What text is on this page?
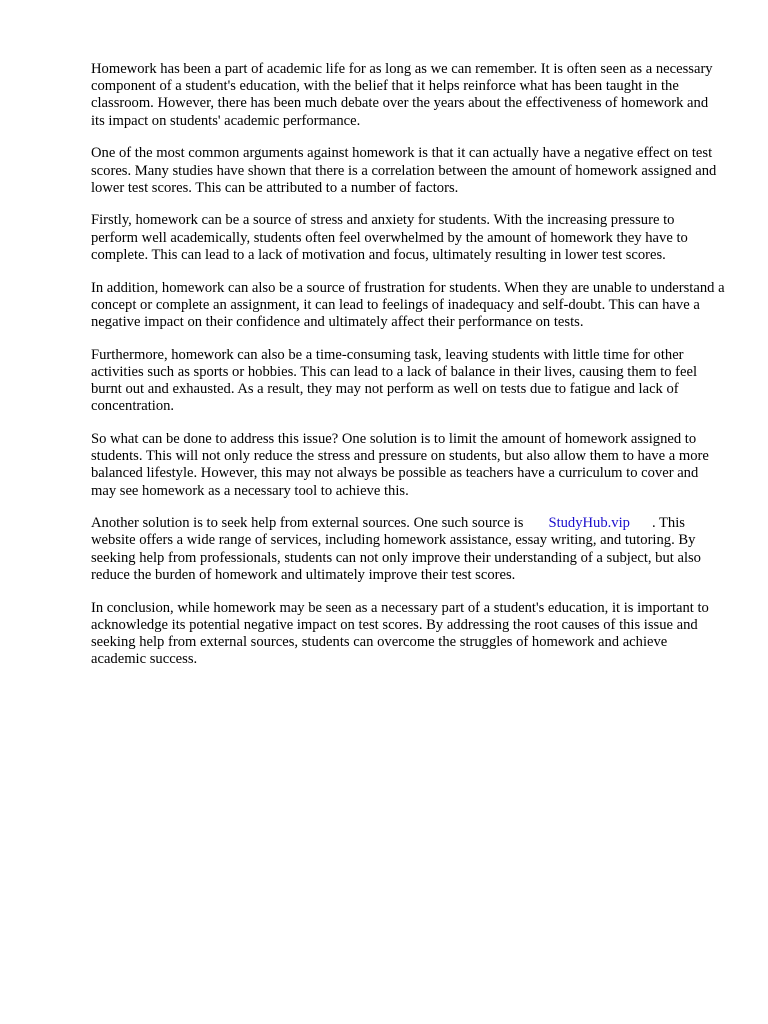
Homework has been a part of academic life for as long as we can remember. It is often seen as a necessary component of a student's education, with the belief that it helps reinforce what has been taught in the classroom. However, there has been much debate over the years about the effectiveness of homework and its impact on students' academic performance.

One of the most common arguments against homework is that it can actually have a negative effect on test scores. Many studies have shown that there is a correlation between the amount of homework assigned and lower test scores. This can be attributed to a number of factors.

Firstly, homework can be a source of stress and anxiety for students. With the increasing pressure to perform well academically, students often feel overwhelmed by the amount of homework they have to complete. This can lead to a lack of motivation and focus, ultimately resulting in lower test scores.

In addition, homework can also be a source of frustration for students. When they are unable to understand a concept or complete an assignment, it can lead to feelings of inadequacy and self-doubt. This can have a negative impact on their confidence and ultimately affect their performance on tests.

Furthermore, homework can also be a time-consuming task, leaving students with little time for other activities such as sports or hobbies. This can lead to a lack of balance in their lives, causing them to feel burnt out and exhausted. As a result, they may not perform as well on tests due to fatigue and lack of concentration.

So what can be done to address this issue? One solution is to limit the amount of homework assigned to students. This will not only reduce the stress and pressure on students, but also allow them to have a more balanced lifestyle. However, this may not always be possible as teachers have a curriculum to cover and may see homework as a necessary tool to achieve this.

Another solution is to seek help from external sources. One such source is StudyHub.vip . This website offers a wide range of services, including homework assistance, essay writing, and tutoring. By seeking help from professionals, students can not only improve their understanding of a subject, but also reduce the burden of homework and ultimately improve their test scores.

In conclusion, while homework may be seen as a necessary part of a student's education, it is important to acknowledge its potential negative impact on test scores. By addressing the root causes of this issue and seeking help from external sources, students can overcome the struggles of homework and achieve academic success.
